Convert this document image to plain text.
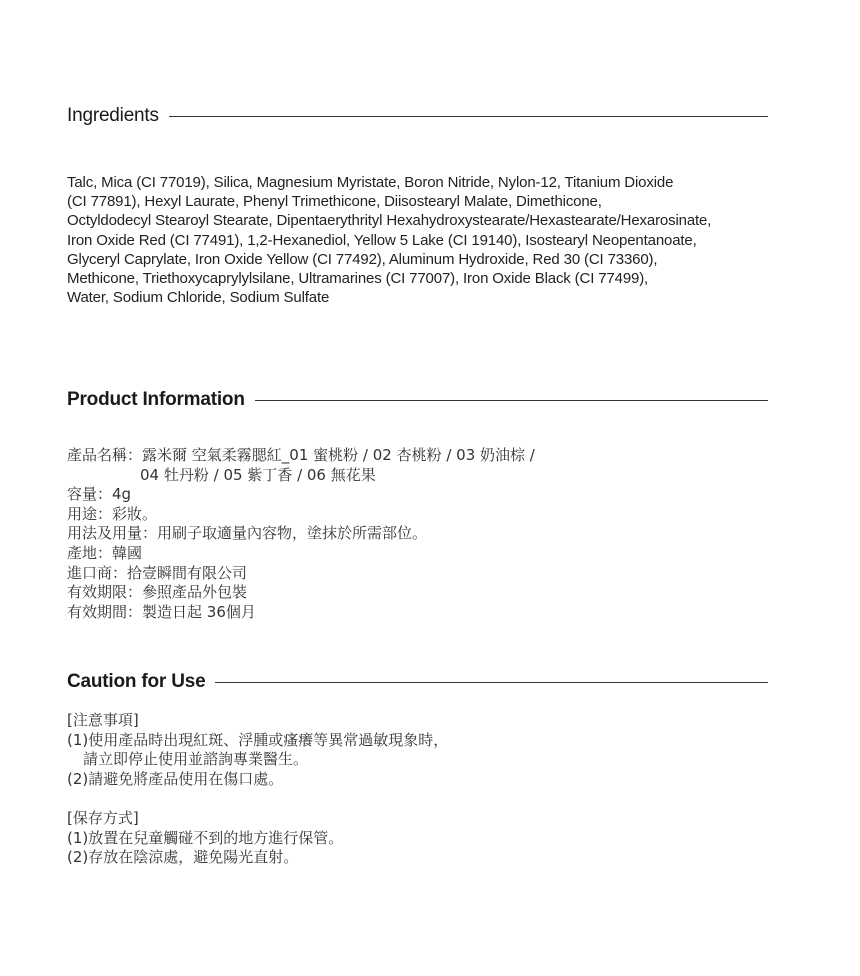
Ingredients
Talc, Mica (CI 77019), Silica, Magnesium Myristate, Boron Nitride, Nylon-12, Titanium Dioxide
(CI 77891), Hexyl Laurate, Phenyl Trimethicone, Diisostearyl Malate, Dimethicone,
Octyldodecyl Stearoyl Stearate, Dipentaerythrityl Hexahydroxystearate/Hexastearate/Hexarosinate,
Iron Oxide Red (CI 77491), 1,2-Hexanediol, Yellow 5 Lake (CI 19140), Isostearyl Neopentanoate,
Glyceryl Caprylate, Iron Oxide Yellow (CI 77492), Aluminum Hydroxide, Red 30 (CI 73360),
Methicone, Triethoxycaprylylsilane, Ultramarines (CI 77007), Iron Oxide Black (CI 77499),
Water, Sodium Chloride, Sodium Sulfate
Product Information
產品名稱： 露米爾 空氣柔霧腮紅_01 蜜桃粉 / 02 杏桃粉 / 03 奶油棕 /
04 牡丹粉 / 05 紫丁香 / 06 無花果
容量： 4g
用途： 彩妝。
用法及用量： 用刷子取適量內容物，塗抹於所需部位。
產地： 韓國
進口商： 拾壹瞬間有限公司
有效期限： 參照產品外包裝
有效期間： 製造日起 36個月
Caution for Use
[注意事項]
(1)使用產品時出現紅斑、浮腫或瘙癢等異常過敏現象時，
請立即停止使用並諮詢專業醫生。
(2)請避免將產品使用在傷口處。
[保存方式]
(1)放置在兒童觸碰不到的地方進行保管。
(2)存放在陰涼處，避免陽光直射。
